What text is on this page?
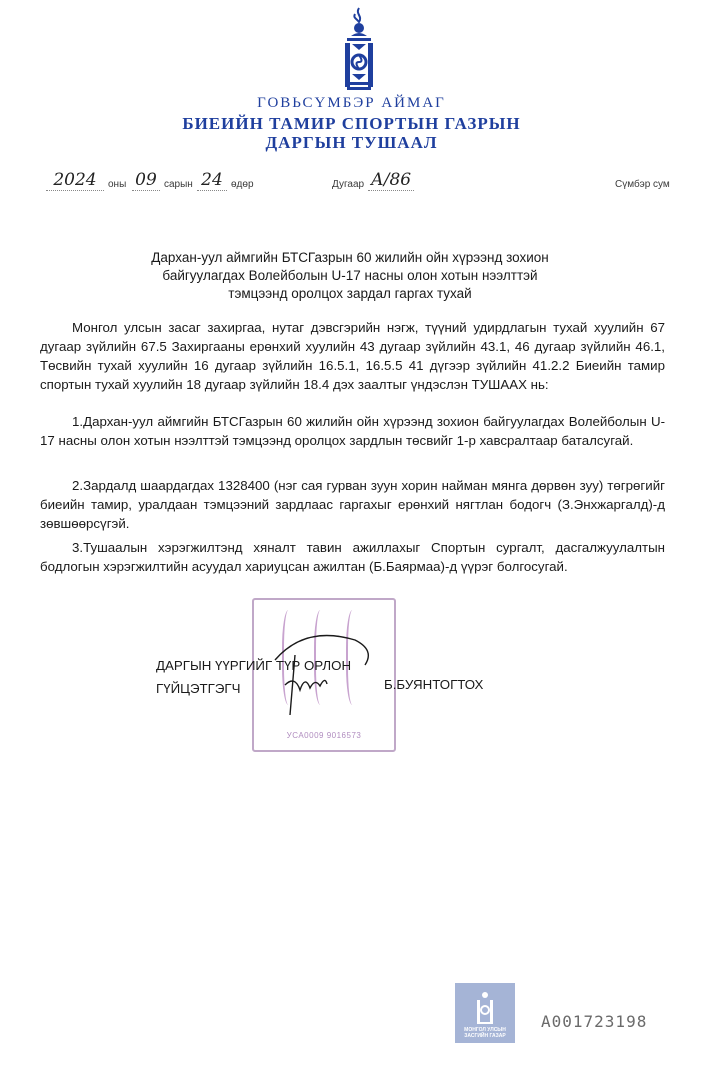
ГОВЬСҮМБЭР АЙМАГ
БИЕИЙН ТАМИР СПОРТЫН ГАЗРЫН
ДАРГЫН ТУШААЛ
2024	оны 09 сарын 24 өдөр	Дугаар А/86	Сүмбэр сум
Дархан-уул аймгийн БТСГазрын 60 жилийн ойн хүрээнд зохион
байгуулагдах Волейболын U-17 насны олон хотын нээлттэй
тэмцээнд оролцох зардал гаргах тухай
Монгол улсын засаг захиргаа, нутаг дэвсгэрийн нэгж, түүний удирдлагын тухай хуулийн 67 дугаар зүйлийн 67.5 Захиргааны ерөнхий хуулийн 43 дугаар зүйлийн 43.1, 46 дугаар зүйлийн 46.1, Төсвийн тухай хуулийн 16 дугаар зүйлийн 16.5.1, 16.5.5 41 дүгээр зүйлийн 41.2.2 Биеийн тамир спортын тухай хуулийн 18 дугаар зүйлийн 18.4 дэх заалтыг үндэслэн ТУШААХ нь:
1.Дархан-уул аймгийн БТСГазрын 60 жилийн ойн хүрээнд зохион байгуулагдах Волейболын U-17 насны олон хотын нээлттэй тэмцээнд оролцох зардлын төсвийг 1-р хавсралтаар баталсугай.
2.Зардалд шаардагдах 1328400 (нэг сая гурван зуун хорин найман мянга дөрвөн зуу) төгрөгийг биеийн тамир, уралдаан тэмцээний зардлаас гаргахыг ерөнхий нягтлан бодогч (З.Энхжаргалд)-д зөвшөөрсүгэй.
3.Тушаалын хэрэгжилтэнд хяналт тавин ажиллахыг Спортын сургалт, дасгалжуулалтын бодлогын хэрэгжилтийн асуудал хариуцсан ажилтан (Б.Баярмаа)-д үүрэг болгосугай.
УСА0009 9016573
ДАРГЫН ҮҮРГИЙГ ТҮР ОРЛОН
ГҮЙЦЭТГЭГЧ	Б.БУЯНТОГТОХ
МОНГОЛ УЛСЫН ЗАСГИЙН ГАЗАР
A001723198
